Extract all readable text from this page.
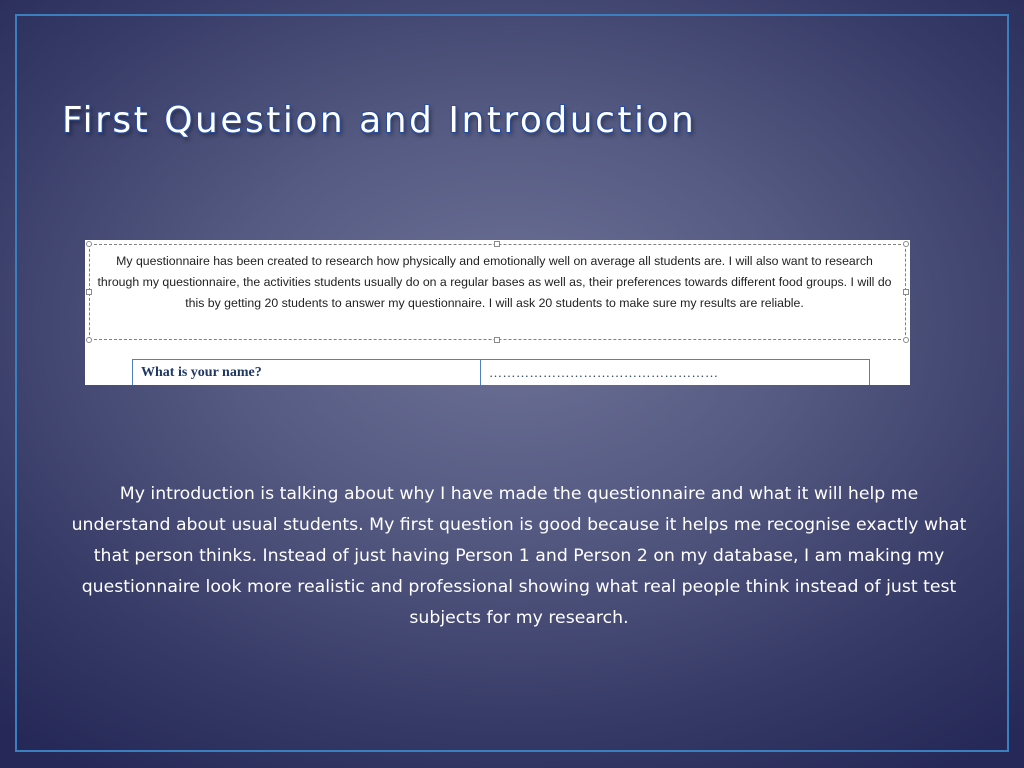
First Question and Introduction

My questionnaire has been created to research how physically and emotionally well on average all students are. I will also want to research through my questionnaire, the activities students usually do on a regular bases as well as, their preferences towards different food groups. I will do this by getting 20 students to answer my questionnaire. I will ask 20 students to make sure my results are reliable.

What is your name?	……………………………………………

My introduction is talking about why I have made the questionnaire and what it will help me understand about usual students. My first question is good because it helps me recognise exactly what that person thinks. Instead of just having Person 1 and Person 2 on my database, I am making my questionnaire look more realistic and professional showing what real people think instead of just test subjects for my research.
